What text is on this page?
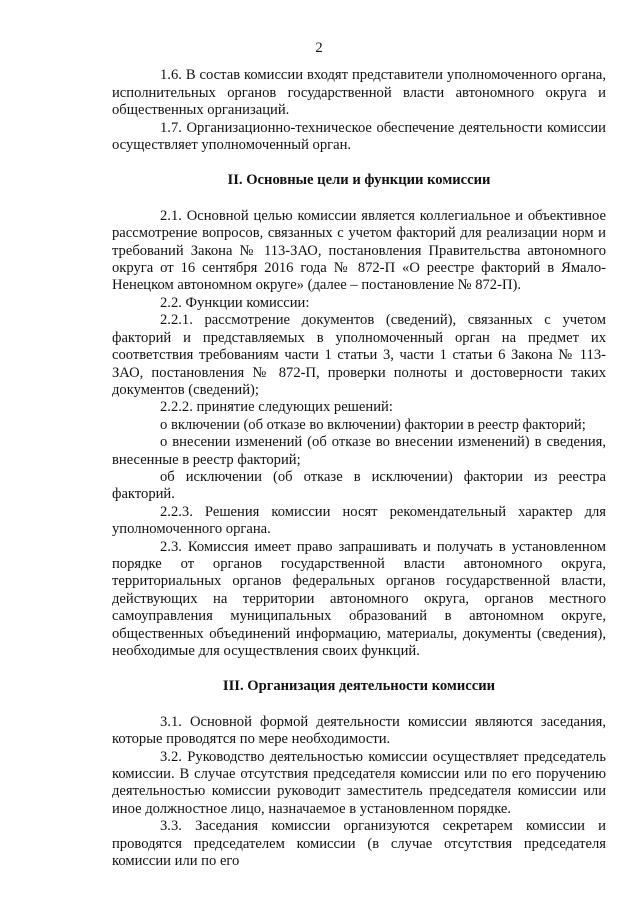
2

1.6. В состав комиссии входят представители уполномоченного органа, исполнительных органов государственной власти автономного округа и общественных организаций.

1.7. Организационно-техническое обеспечение деятельности комиссии осуществляет уполномоченный орган.

II. Основные цели и функции комиссии

2.1. Основной целью комиссии является коллегиальное и объективное рассмотрение вопросов, связанных с учетом факторий для реализации норм и требований Закона № 113-ЗАО, постановления Правительства автономного округа от 16 сентября 2016 года № 872-П «О реестре факторий в Ямало-Ненецком автономном округе» (далее – постановление № 872-П).

2.2. Функции комиссии:

2.2.1. рассмотрение документов (сведений), связанных с учетом факторий и представляемых в уполномоченный орган на предмет их соответствия требованиям части 1 статьи 3, части 1 статьи 6 Закона № 113-ЗАО, постановления № 872-П, проверки полноты и достоверности таких документов (сведений);

2.2.2. принятие следующих решений:

о включении (об отказе во включении) фактории в реестр факторий;

о внесении изменений (об отказе во внесении изменений) в сведения, внесенные в реестр факторий;

об исключении (об отказе в исключении) фактории из реестра факторий.

2.2.3. Решения комиссии носят рекомендательный характер для уполномоченного органа.

2.3. Комиссия имеет право запрашивать и получать в установленном порядке от органов государственной власти автономного округа, территориальных органов федеральных органов государственной власти, действующих на территории автономного округа, органов местного самоуправления муниципальных образований в автономном округе, общественных объединений информацию, материалы, документы (сведения), необходимые для осуществления своих функций.

III. Организация деятельности комиссии

3.1. Основной формой деятельности комиссии являются заседания, которые проводятся по мере необходимости.

3.2. Руководство деятельностью комиссии осуществляет председатель комиссии. В случае отсутствия председателя комиссии или по его поручению деятельностью комиссии руководит заместитель председателя комиссии или иное должностное лицо, назначаемое в установленном порядке.

3.3. Заседания комиссии организуются секретарем комиссии и проводятся председателем комиссии (в случае отсутствия председателя комиссии или по его
